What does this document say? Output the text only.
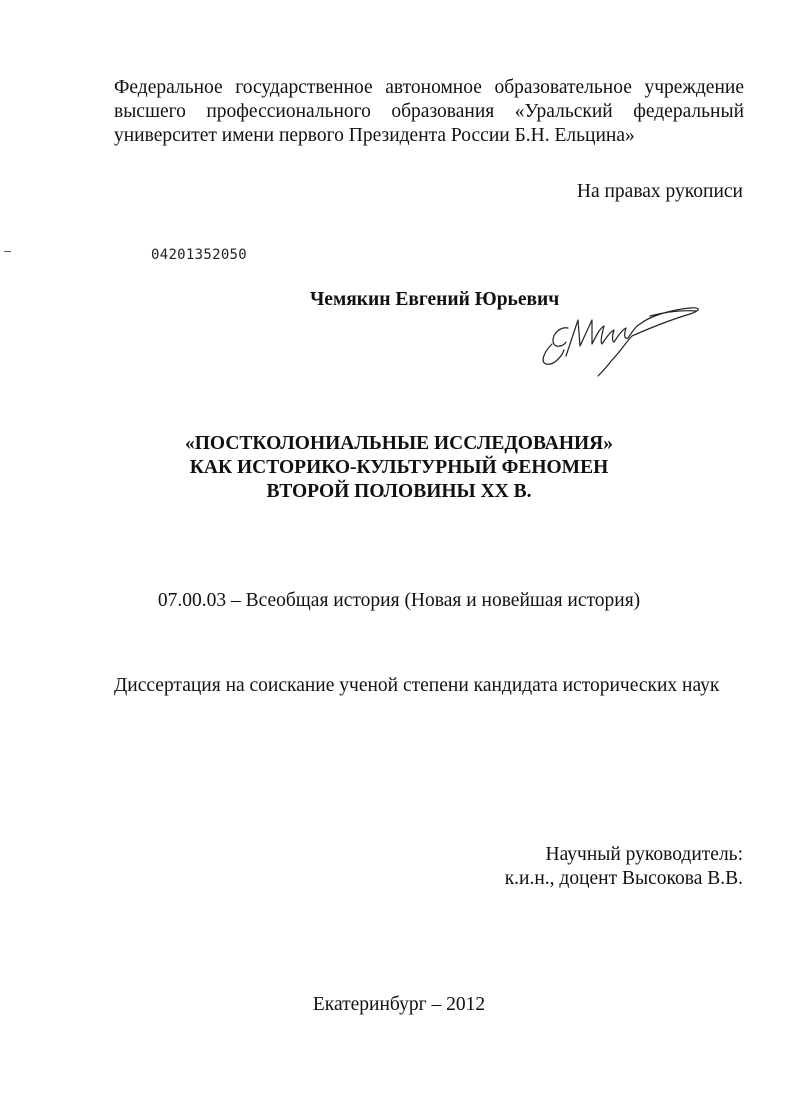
Федеральное государственное автономное образовательное учреждение
высшего профессионального образования «Уральский федеральный
университет имени первого Президента России Б.Н. Ельцина»
На правах рукописи
04201352050
Чемякин Евгений Юрьевич
«ПОСТКОЛОНИАЛЬНЫЕ ИССЛЕДОВАНИЯ»
КАК ИСТОРИКО-КУЛЬТУРНЫЙ ФЕНОМЕН
ВТОРОЙ ПОЛОВИНЫ XX В.
07.00.03 – Всеобщая история (Новая и новейшая история)
Диссертация на соискание ученой степени кандидата исторических наук
Научный руководитель:
к.и.н., доцент Высокова В.В.
Екатеринбург – 2012
